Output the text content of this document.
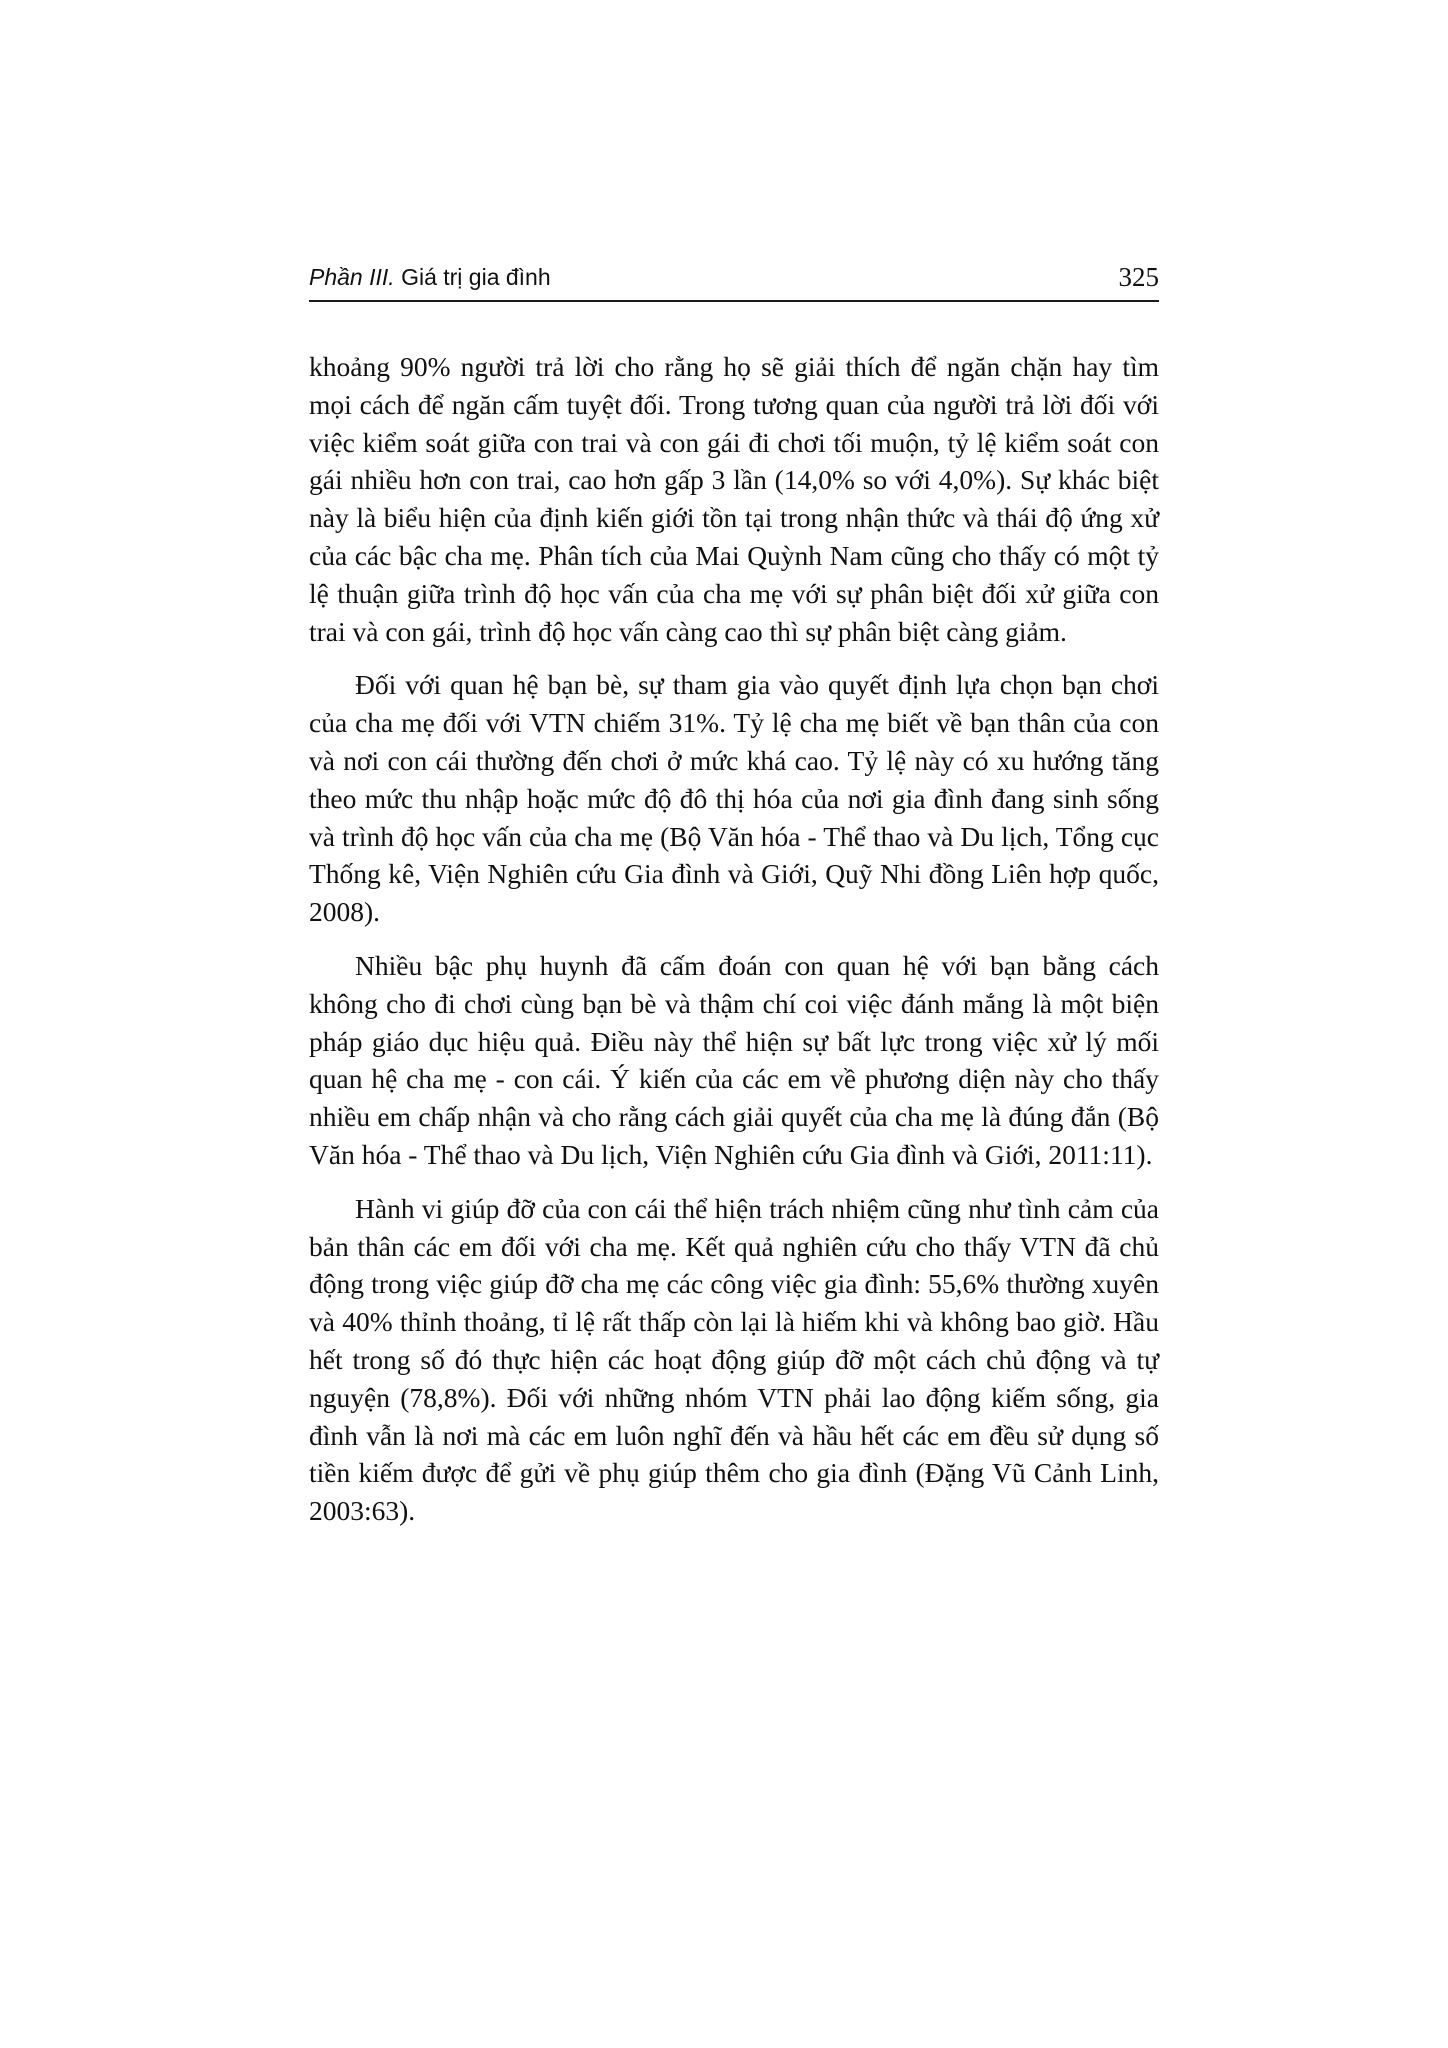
Phần III. Giá trị gia đình	325

khoảng 90% người trả lời cho rằng họ sẽ giải thích để ngăn chặn hay tìm mọi cách để ngăn cấm tuyệt đối. Trong tương quan của người trả lời đối với việc kiểm soát giữa con trai và con gái đi chơi tối muộn, tỷ lệ kiểm soát con gái nhiều hơn con trai, cao hơn gấp 3 lần (14,0% so với 4,0%). Sự khác biệt này là biểu hiện của định kiến giới tồn tại trong nhận thức và thái độ ứng xử của các bậc cha mẹ. Phân tích của Mai Quỳnh Nam cũng cho thấy có một tỷ lệ thuận giữa trình độ học vấn của cha mẹ với sự phân biệt đối xử giữa con trai và con gái, trình độ học vấn càng cao thì sự phân biệt càng giảm.

Đối với quan hệ bạn bè, sự tham gia vào quyết định lựa chọn bạn chơi của cha mẹ đối với VTN chiếm 31%. Tỷ lệ cha mẹ biết về bạn thân của con và nơi con cái thường đến chơi ở mức khá cao. Tỷ lệ này có xu hướng tăng theo mức thu nhập hoặc mức độ đô thị hóa của nơi gia đình đang sinh sống và trình độ học vấn của cha mẹ (Bộ Văn hóa - Thể thao và Du lịch, Tổng cục Thống kê, Viện Nghiên cứu Gia đình và Giới, Quỹ Nhi đồng Liên hợp quốc, 2008).

Nhiều bậc phụ huynh đã cấm đoán con quan hệ với bạn bằng cách không cho đi chơi cùng bạn bè và thậm chí coi việc đánh mắng là một biện pháp giáo dục hiệu quả. Điều này thể hiện sự bất lực trong việc xử lý mối quan hệ cha mẹ - con cái. Ý kiến của các em về phương diện này cho thấy nhiều em chấp nhận và cho rằng cách giải quyết của cha mẹ là đúng đắn (Bộ Văn hóa - Thể thao và Du lịch, Viện Nghiên cứu Gia đình và Giới, 2011:11).

Hành vi giúp đỡ của con cái thể hiện trách nhiệm cũng như tình cảm của bản thân các em đối với cha mẹ. Kết quả nghiên cứu cho thấy VTN đã chủ động trong việc giúp đỡ cha mẹ các công việc gia đình: 55,6% thường xuyên và 40% thỉnh thoảng, tỉ lệ rất thấp còn lại là hiếm khi và không bao giờ. Hầu hết trong số đó thực hiện các hoạt động giúp đỡ một cách chủ động và tự nguyện (78,8%). Đối với những nhóm VTN phải lao động kiếm sống, gia đình vẫn là nơi mà các em luôn nghĩ đến và hầu hết các em đều sử dụng số tiền kiếm được để gửi về phụ giúp thêm cho gia đình (Đặng Vũ Cảnh Linh, 2003:63).
